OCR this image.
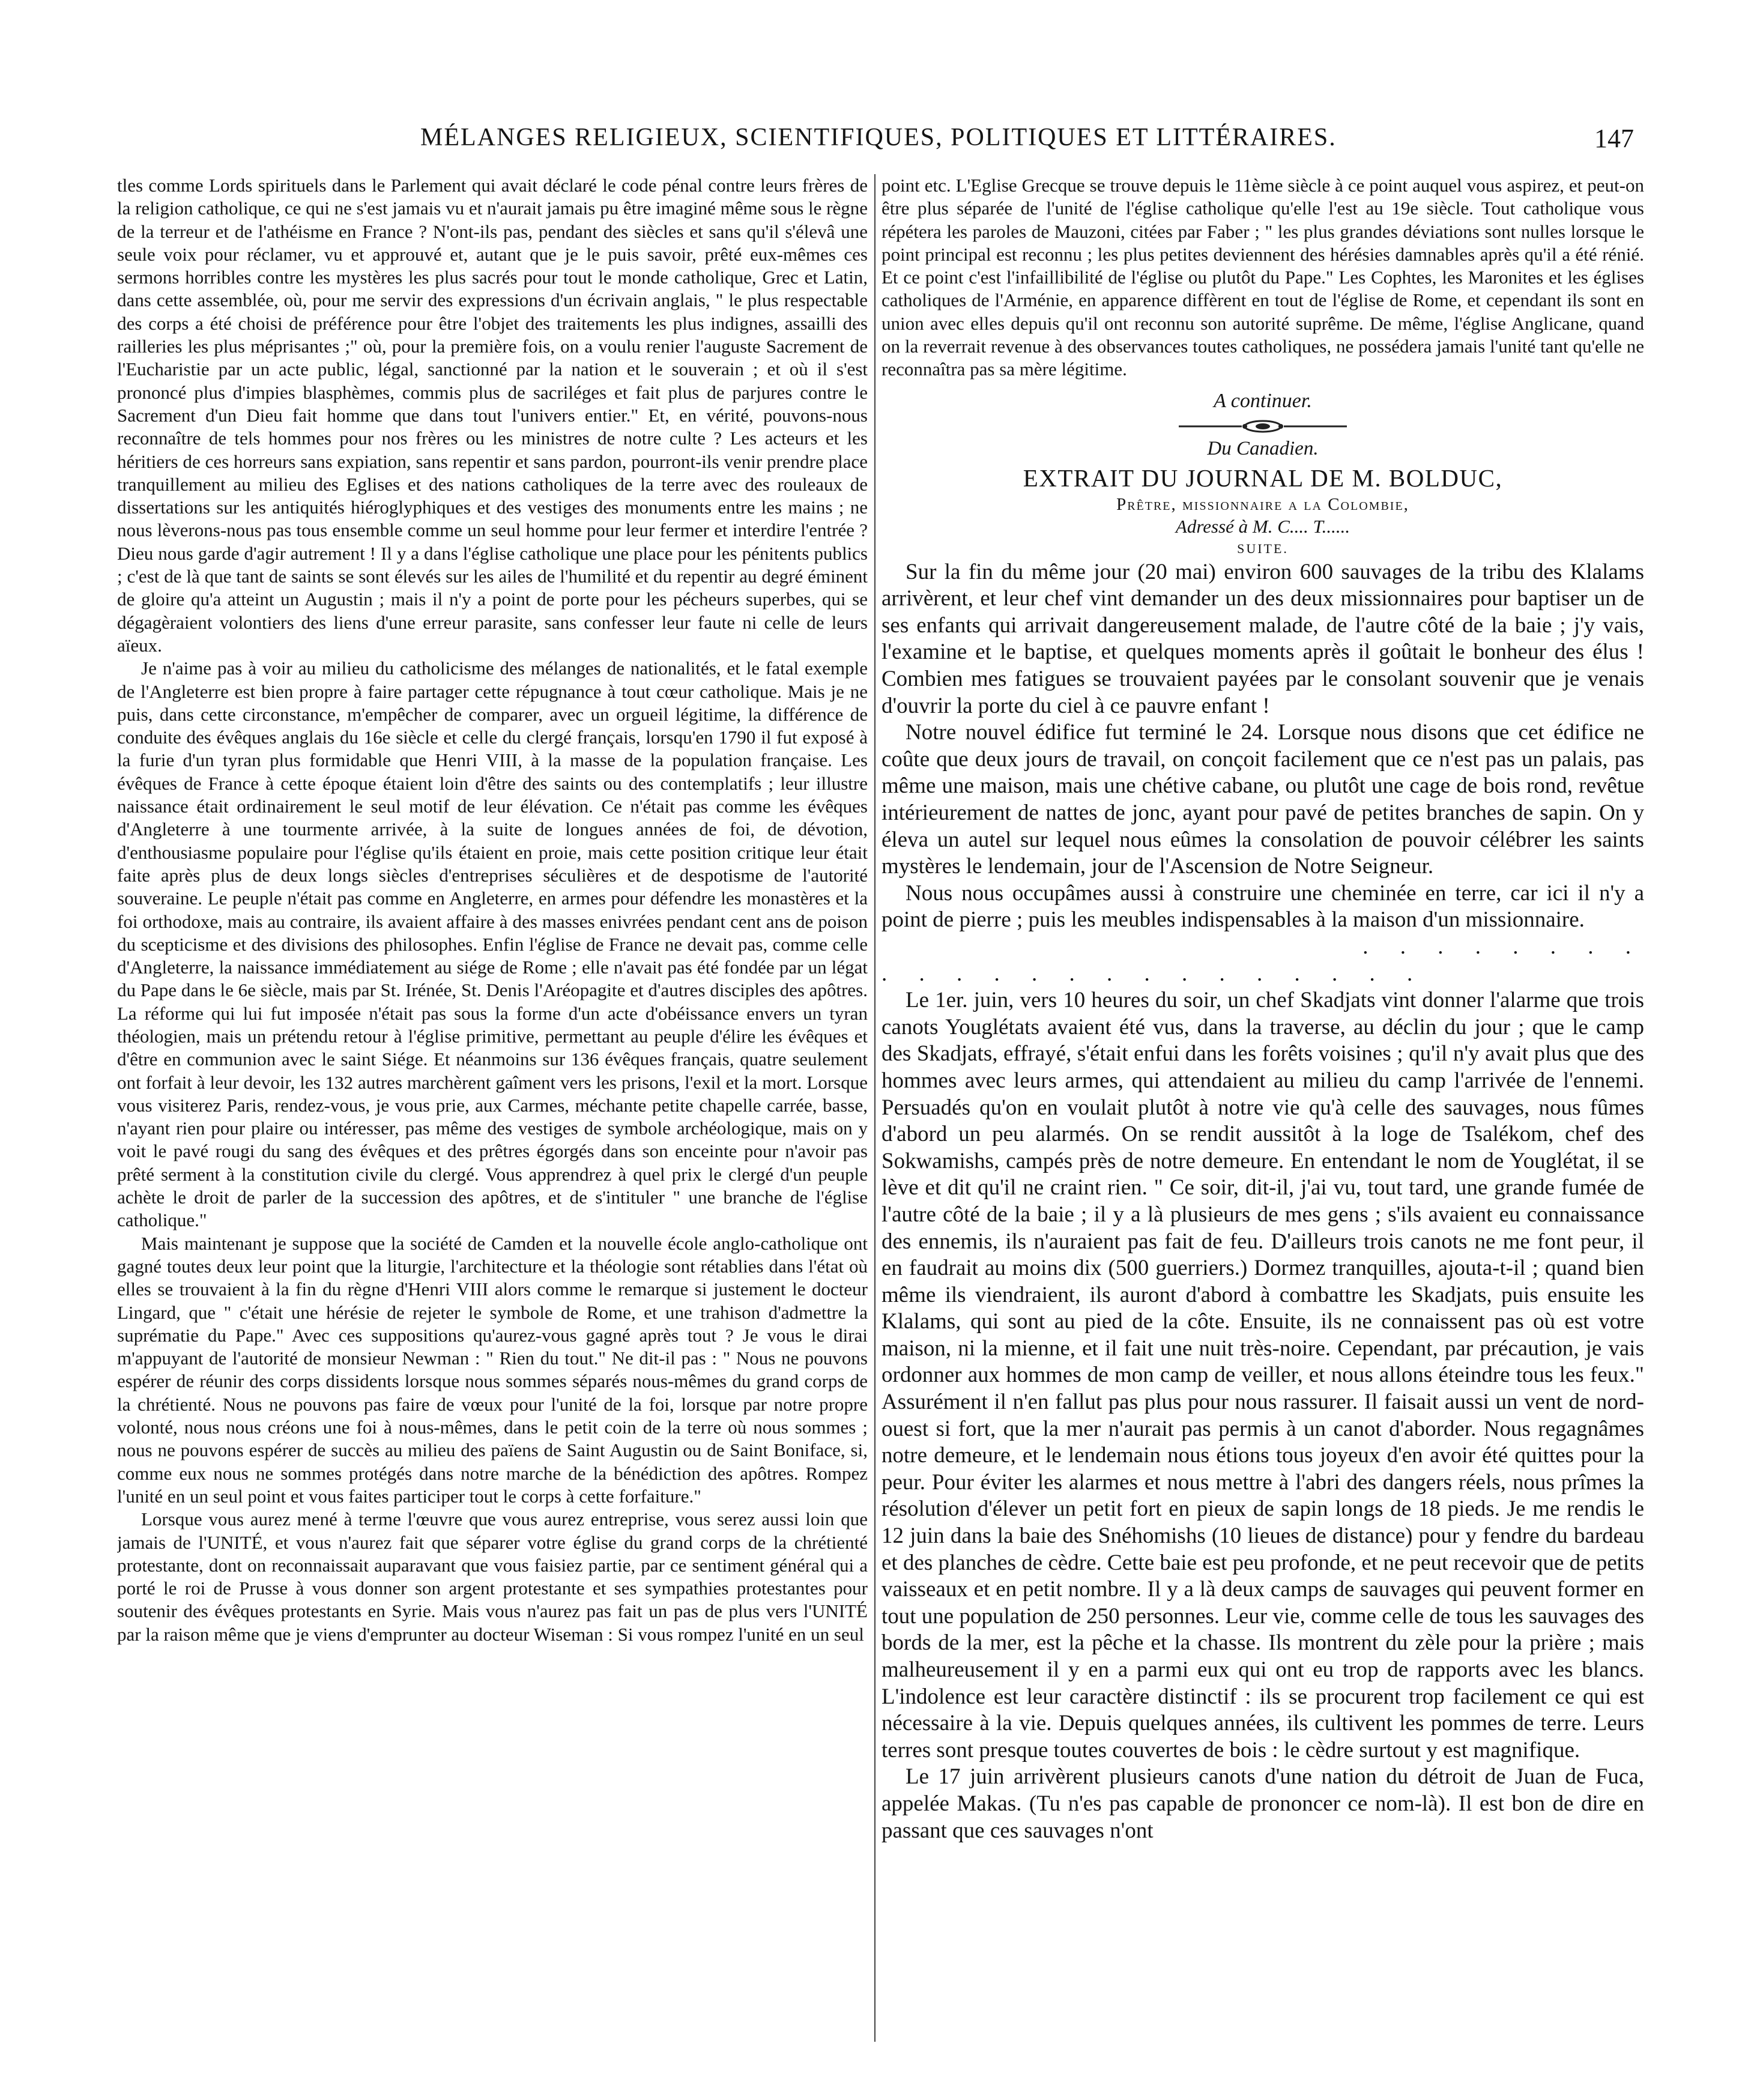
MÉLANGES RELIGIEUX, SCIENTIFIQUES, POLITIQUES ET LITTÉRAIRES.	147

tles comme Lords spirituels dans le Parlement qui avait déclaré le code pénal contre leurs frères de la religion catholique, ce qui ne s'est jamais vu et n'aurait jamais pu être imaginé même sous le règne de la terreur et de l'athéisme en France ? N'ont-ils pas, pendant des siècles et sans qu'il s'élevâ une seule voix pour réclamer, vu et approuvé et, autant que je le puis savoir, prêté eux-mêmes ces sermons horribles contre les mystères les plus sacrés pour tout le monde catholique, Grec et Latin, dans cette assemblée, où, pour me servir des expressions d'un écrivain anglais, " le plus respectable des corps a été choisi de préférence pour être l'objet des traitements les plus indignes, assailli des railleries les plus méprisantes ;" où, pour la première fois, on a voulu renier l'auguste Sacrement de l'Eucharistie par un acte public, légal, sanctionné par la nation et le souverain ; et où il s'est prononcé plus d'impies blasphèmes, commis plus de sacriléges et fait plus de parjures contre le Sacrement d'un Dieu fait homme que dans tout l'univers entier." Et, en vérité, pouvons-nous reconnaître de tels hommes pour nos frères ou les ministres de notre culte ? Les acteurs et les héritiers de ces horreurs sans expiation, sans repentir et sans pardon, pourront-ils venir prendre place tranquillement au milieu des Eglises et des nations catholiques de la terre avec des rouleaux de dissertations sur les antiquités hiéroglyphiques et des vestiges des monuments entre les mains ; ne nous lèverons-nous pas tous ensemble comme un seul homme pour leur fermer et interdire l'entrée ? Dieu nous garde d'agir autrement ! Il y a dans l'église catholique une place pour les pénitents publics ; c'est de là que tant de saints se sont élevés sur les ailes de l'humilité et du repentir au degré éminent de gloire qu'a atteint un Augustin ; mais il n'y a point de porte pour les pécheurs superbes, qui se dégagèraient volontiers des liens d'une erreur parasite, sans confesser leur faute ni celle de leurs aïeux.

Je n'aime pas à voir au milieu du catholicisme des mélanges de nationalités, et le fatal exemple de l'Angleterre est bien propre à faire partager cette répugnance à tout cœur catholique. Mais je ne puis, dans cette circonstance, m'empêcher de comparer, avec un orgueil légitime, la différence de conduite des évêques anglais du 16e siècle et celle du clergé français, lorsqu'en 1790 il fut exposé à la furie d'un tyran plus formidable que Henri VIII, à la masse de la population française. Les évêques de France à cette époque étaient loin d'être des saints ou des contemplatifs ; leur illustre naissance était ordinairement le seul motif de leur élévation. Ce n'était pas comme les évêques d'Angleterre à une tourmente arrivée, à la suite de longues années de foi, de dévotion, d'enthousiasme populaire pour l'église qu'ils étaient en proie, mais cette position critique leur était faite après plus de deux longs siècles d'entreprises séculières et de despotisme de l'autorité souveraine. Le peuple n'était pas comme en Angleterre, en armes pour défendre les monastères et la foi orthodoxe, mais au contraire, ils avaient affaire à des masses enivrées pendant cent ans de poison du scepticisme et des divisions des philosophes. Enfin l'église de France ne devait pas, comme celle d'Angleterre, la naissance immédiatement au siége de Rome ; elle n'avait pas été fondée par un légat du Pape dans le 6e siècle, mais par St. Irénée, St. Denis l'Aréopagite et d'autres disciples des apôtres. La réforme qui lui fut imposée n'était pas sous la forme d'un acte d'obéissance envers un tyran théologien, mais un prétendu retour à l'église primitive, permettant au peuple d'élire les évêques et d'être en communion avec le saint Siége. Et néanmoins sur 136 évêques français, quatre seulement ont forfait à leur devoir, les 132 autres marchèrent gaîment vers les prisons, l'exil et la mort. Lorsque vous visiterez Paris, rendez-vous, je vous prie, aux Carmes, méchante petite chapelle carrée, basse, n'ayant rien pour plaire ou intéresser, pas même des vestiges de symbole archéologique, mais on y voit le pavé rougi du sang des évêques et des prêtres égorgés dans son enceinte pour n'avoir pas prêté serment à la constitution civile du clergé. Vous apprendrez à quel prix le clergé d'un peuple achète le droit de parler de la succession des apôtres, et de s'intituler " une branche de l'église catholique."

Mais maintenant je suppose que la société de Camden et la nouvelle école anglo-catholique ont gagné toutes deux leur point que la liturgie, l'architecture et la théologie sont rétablies dans l'état où elles se trouvaient à la fin du règne d'Henri VIII alors comme le remarque si justement le docteur Lingard, que " c'était une hérésie de rejeter le symbole de Rome, et une trahison d'admettre la suprématie du Pape." Avec ces suppositions qu'aurez-vous gagné après tout ? Je vous le dirai m'appuyant de l'autorité de monsieur Newman : " Rien du tout." Ne dit-il pas : " Nous ne pouvons espérer de réunir des corps dissidents lorsque nous sommes séparés nous-mêmes du grand corps de la chrétienté. Nous ne pouvons pas faire de vœux pour l'unité de la foi, lorsque par notre propre volonté, nous nous créons une foi à nous-mêmes, dans le petit coin de la terre où nous sommes ; nous ne pouvons espérer de succès au milieu des païens de Saint Augustin ou de Saint Boniface, si, comme eux nous ne sommes protégés dans notre marche de la bénédiction des apôtres. Rompez l'unité en un seul point et vous faites participer tout le corps à cette forfaiture."

Lorsque vous aurez mené à terme l'œuvre que vous aurez entreprise, vous serez aussi loin que jamais de l'UNITÉ, et vous n'aurez fait que séparer votre église du grand corps de la chrétienté protestante, dont on reconnaissait auparavant que vous faisiez partie, par ce sentiment général qui a porté le roi de Prusse à vous donner son argent protestante et ses sympathies protestantes pour soutenir des évêques protestants en Syrie. Mais vous n'aurez pas fait un pas de plus vers l'UNITÉ par la raison même que je viens d'emprunter au docteur Wiseman : Si vous rompez l'unité en un seul

point etc. L'Eglise Grecque se trouve depuis le 11ème siècle à ce point auquel vous aspirez, et peut-on être plus séparée de l'unité de l'église catholique qu'elle l'est au 19e siècle. Tout catholique vous répétera les paroles de Mauzoni, citées par Faber ; " les plus grandes déviations sont nulles lorsque le point principal est reconnu ; les plus petites deviennent des hérésies damnables après qu'il a été rénié. Et ce point c'est l'infaillibilité de l'église ou plutôt du Pape." Les Cophtes, les Maronites et les églises catholiques de l'Arménie, en apparence diffèrent en tout de l'église de Rome, et cependant ils sont en union avec elles depuis qu'il ont reconnu son autorité suprême. De même, l'église Anglicane, quand on la reverrait revenue à des observances toutes catholiques, ne possédera jamais l'unité tant qu'elle ne reconnaîtra pas sa mère légitime.

A continuer.
Du Canadien.
EXTRAIT DU JOURNAL DE M. BOLDUC,
Prêtre, missionnaire a la Colombie,
Adressé à M. C.... T......
SUITE.

Sur la fin du même jour (20 mai) environ 600 sauvages de la tribu des Klalams arrivèrent, et leur chef vint demander un des deux missionnaires pour baptiser un de ses enfants qui arrivait dangereusement malade, de l'autre côté de la baie ; j'y vais, l'examine et le baptise, et quelques moments après il goûtait le bonheur des élus ! Combien mes fatigues se trouvaient payées par le consolant souvenir que je venais d'ouvrir la porte du ciel à ce pauvre enfant !

Notre nouvel édifice fut terminé le 24. Lorsque nous disons que cet édifice ne coûte que deux jours de travail, on conçoit facilement que ce n'est pas un palais, pas même une maison, mais une chétive cabane, ou plutôt une cage de bois rond, revêtue intérieurement de nattes de jonc, ayant pour pavé de petites branches de sapin. On y éleva un autel sur lequel nous eûmes la consolation de pouvoir célébrer les saints mystères le lendemain, jour de l'Ascension de Notre Seigneur.

Nous nous occupâmes aussi à construire une cheminée en terre, car ici il n'y a point de pierre ; puis les meubles indispensables à la maison d'un missionnaire.

. . . . . . . .
. . . . . . . . . . . . . . .

Le 1er. juin, vers 10 heures du soir, un chef Skadjats vint donner l'alarme que trois canots Youglétats avaient été vus, dans la traverse, au déclin du jour ; que le camp des Skadjats, effrayé, s'était enfui dans les forêts voisines ; qu'il n'y avait plus que des hommes avec leurs armes, qui attendaient au milieu du camp l'arrivée de l'ennemi. Persuadés qu'on en voulait plutôt à notre vie qu'à celle des sauvages, nous fûmes d'abord un peu alarmés. On se rendit aussitôt à la loge de Tsalékom, chef des Sokwamishs, campés près de notre demeure. En entendant le nom de Youglétat, il se lève et dit qu'il ne craint rien. " Ce soir, dit-il, j'ai vu, tout tard, une grande fumée de l'autre côté de la baie ; il y a là plusieurs de mes gens ; s'ils avaient eu connaissance des ennemis, ils n'auraient pas fait de feu. D'ailleurs trois canots ne me font peur, il en faudrait au moins dix (500 guerriers.) Dormez tranquilles, ajouta-t-il ; quand bien même ils viendraient, ils auront d'abord à combattre les Skadjats, puis ensuite les Klalams, qui sont au pied de la côte. Ensuite, ils ne connaissent pas où est votre maison, ni la mienne, et il fait une nuit très-noire. Cependant, par précaution, je vais ordonner aux hommes de mon camp de veiller, et nous allons éteindre tous les feux." Assurément il n'en fallut pas plus pour nous rassurer. Il faisait aussi un vent de nord-ouest si fort, que la mer n'aurait pas permis à un canot d'aborder. Nous regagnâmes notre demeure, et le lendemain nous étions tous joyeux d'en avoir été quittes pour la peur. Pour éviter les alarmes et nous mettre à l'abri des dangers réels, nous prîmes la résolution d'élever un petit fort en pieux de sapin longs de 18 pieds. Je me rendis le 12 juin dans la baie des Snéhomishs (10 lieues de distance) pour y fendre du bardeau et des planches de cèdre. Cette baie est peu profonde, et ne peut recevoir que de petits vaisseaux et en petit nombre. Il y a là deux camps de sauvages qui peuvent former en tout une population de 250 personnes. Leur vie, comme celle de tous les sauvages des bords de la mer, est la pêche et la chasse. Ils montrent du zèle pour la prière ; mais malheureusement il y en a parmi eux qui ont eu trop de rapports avec les blancs. L'indolence est leur caractère distinctif : ils se procurent trop facilement ce qui est nécessaire à la vie. Depuis quelques années, ils cultivent les pommes de terre. Leurs terres sont presque toutes couvertes de bois : le cèdre surtout y est magnifique.

Le 17 juin arrivèrent plusieurs canots d'une nation du détroit de Juan de Fuca, appelée Makas. (Tu n'es pas capable de prononcer ce nom-là). Il est bon de dire en passant que ces sauvages n'ont
